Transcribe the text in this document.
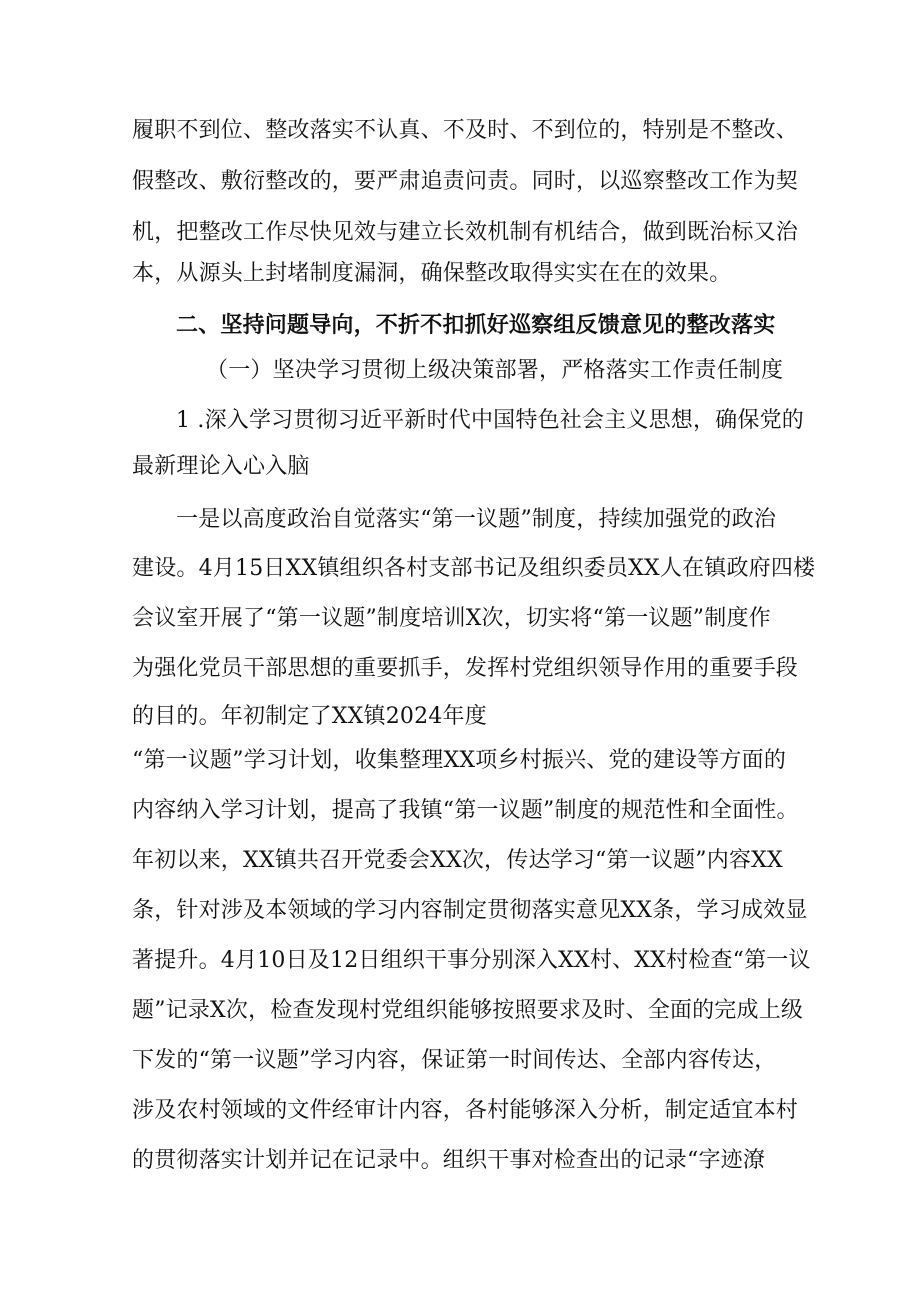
履职不到位、整改落实不认真、不及时、不到位的，特别是不整改、
假整改、敷衍整改的，要严肃追责问责。同时，以巡察整改工作为契
机，把整改工作尽快见效与建立长效机制有机结合，做到既治标又治
本，从源头上封堵制度漏洞，确保整改取得实实在在的效果。
二、坚持问题导向，不折不扣抓好巡察组反馈意见的整改落实
（一）坚决学习贯彻上级决策部署，严格落实工作责任制度
1 .深入学习贯彻习近平新时代中国特色社会主义思想，确保党的
最新理论入心入脑
一是以高度政治自觉落实“第一议题”制度，持续加强党的政治
建设。4月15日XX镇组织各村支部书记及组织委员XX人在镇政府四楼
会议室开展了“第一议题”制度培训X次，切实将“第一议题”制度作
为强化党员干部思想的重要抓手，发挥村党组织领导作用的重要手段
的目的。年初制定了XX镇2024年度
“第一议题”学习计划，收集整理XX项乡村振兴、党的建设等方面的
内容纳入学习计划，提高了我镇“第一议题”制度的规范性和全面性。
年初以来，XX镇共召开党委会XX次，传达学习“第一议题”内容XX
条，针对涉及本领域的学习内容制定贯彻落实意见XX条，学习成效显
著提升。4月10日及12日组织干事分别深入XX村、XX村检查“第一议
题”记录X次，检查发现村党组织能够按照要求及时、全面的完成上级
下发的“第一议题”学习内容，保证第一时间传达、全部内容传达，
涉及农村领域的文件经审计内容，各村能够深入分析，制定适宜本村
的贯彻落实计划并记在记录中。组织干事对检查出的记录“字迹潦
